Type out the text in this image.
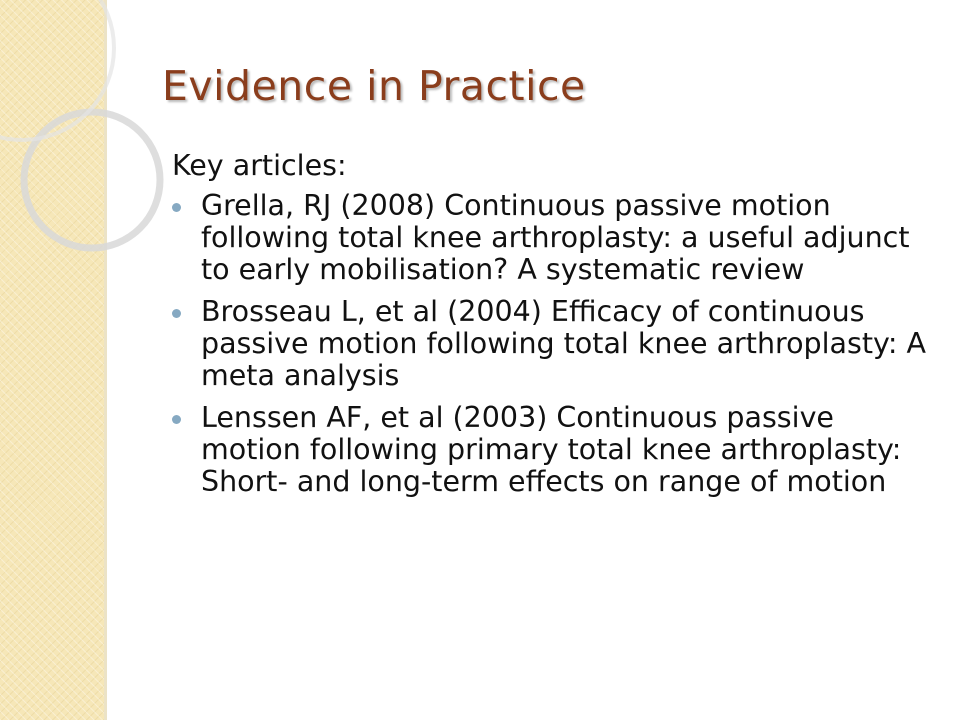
Evidence in Practice

Key articles:

Grella, RJ (2008) Continuous passive motion following total knee arthroplasty: a useful adjunct to early mobilisation? A systematic review
Brosseau L, et al (2004) Efficacy of continuous passive motion following total knee arthroplasty: A meta analysis
Lenssen AF, et al (2003) Continuous passive motion following primary total knee arthroplasty: Short- and long-term effects on range of motion
